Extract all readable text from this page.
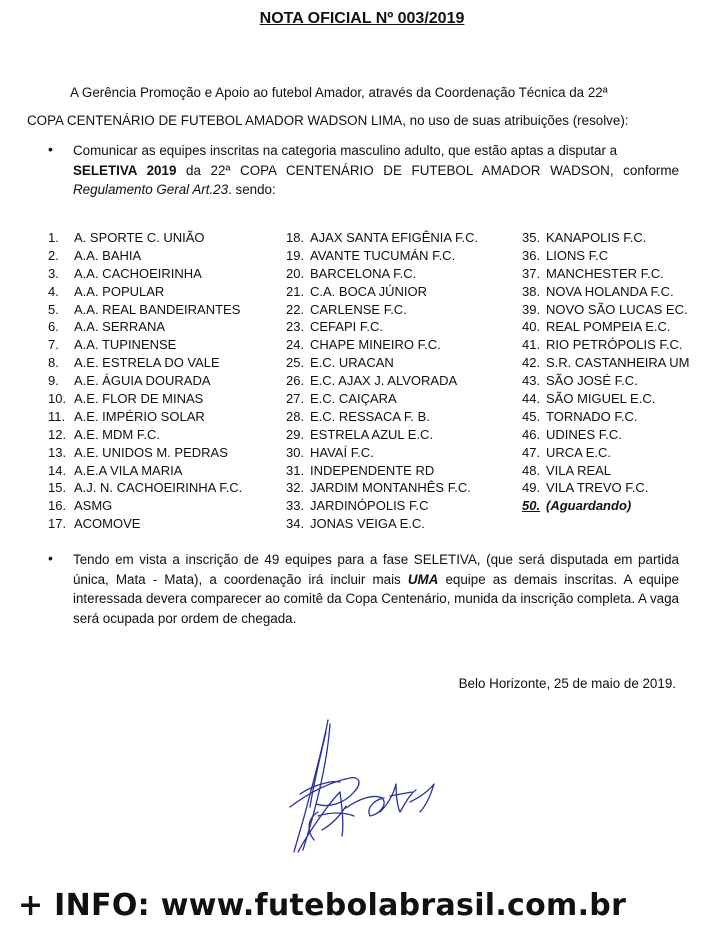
NOTA OFICIAL Nº 003/2019
A Gerência Promoção e Apoio ao futebol Amador, através da Coordenação Técnica da 22ª
COPA CENTENÁRIO DE FUTEBOL AMADOR WADSON LIMA, no uso de suas atribuições (resolve):
• Comunicar as equipes inscritas na categoria masculino adulto, que estão aptas a disputar a
SELETIVA 2019 da 22ª COPA CENTENÁRIO DE FUTEBOL AMADOR WADSON, conforme
Regulamento Geral Art.23. sendo:
1. A. SPORTE C. UNIÃO
2. A.A. BAHIA
3. A.A. CACHOEIRINHA
4. A.A. POPULAR
5. A.A. REAL BANDEIRANTES
6. A.A. SERRANA
7. A.A. TUPINENSE
8. A.E. ESTRELA DO VALE
9. A.E. ÁGUIA DOURADA
10. A.E. FLOR DE MINAS
11. A.E. IMPÉRIO SOLAR
12. A.E. MDM F.C.
13. A.E. UNIDOS M. PEDRAS
14. A.E.A VILA MARIA
15. A.J. N. CACHOEIRINHA F.C.
16. ASMG
17. ACOMOVE
18. AJAX SANTA EFIGÊNIA F.C.
19. AVANTE TUCUMÁN F.C.
20. BARCELONA F.C.
21. C.A. BOCA JÚNIOR
22. CARLENSE F.C.
23. CEFAPI F.C.
24. CHAPE MINEIRO F.C.
25. E.C. URACAN
26. E.C. AJAX J. ALVORADA
27. E.C. CAIÇARA
28. E.C. RESSACA F. B.
29. ESTRELA AZUL E.C.
30. HAVAÍ F.C.
31. INDEPENDENTE RD
32. JARDIM MONTANHÊS F.C.
33. JARDINÓPOLIS F.C
34. JONAS VEIGA E.C.
35. KANAPOLIS F.C.
36. LIONS F.C
37. MANCHESTER F.C.
38. NOVA HOLANDA F.C.
39. NOVO SÃO LUCAS EC.
40. REAL POMPEIA E.C.
41. RIO PETRÓPOLIS F.C.
42. S.R. CASTANHEIRA UM
43. SÃO JOSÉ F.C.
44. SÃO MIGUEL E.C.
45. TORNADO F.C.
46. UDINES F.C.
47. URCA E.C.
48. VILA REAL
49. VILA TREVO F.C.
50. (Aguardando)
• Tendo em vista a inscrição de 49 equipes para a fase SELETIVA, (que será disputada em partida única, Mata - Mata), a coordenação irá incluir mais UMA equipe as demais inscritas. A equipe interessada devera comparecer ao comitê da Copa Centenário, munida da inscrição completa. A vaga será ocupada por ordem de chegada.
Belo Horizonte, 25 de maio de 2019.
+ INFO: www.futebolabrasil.com.br
